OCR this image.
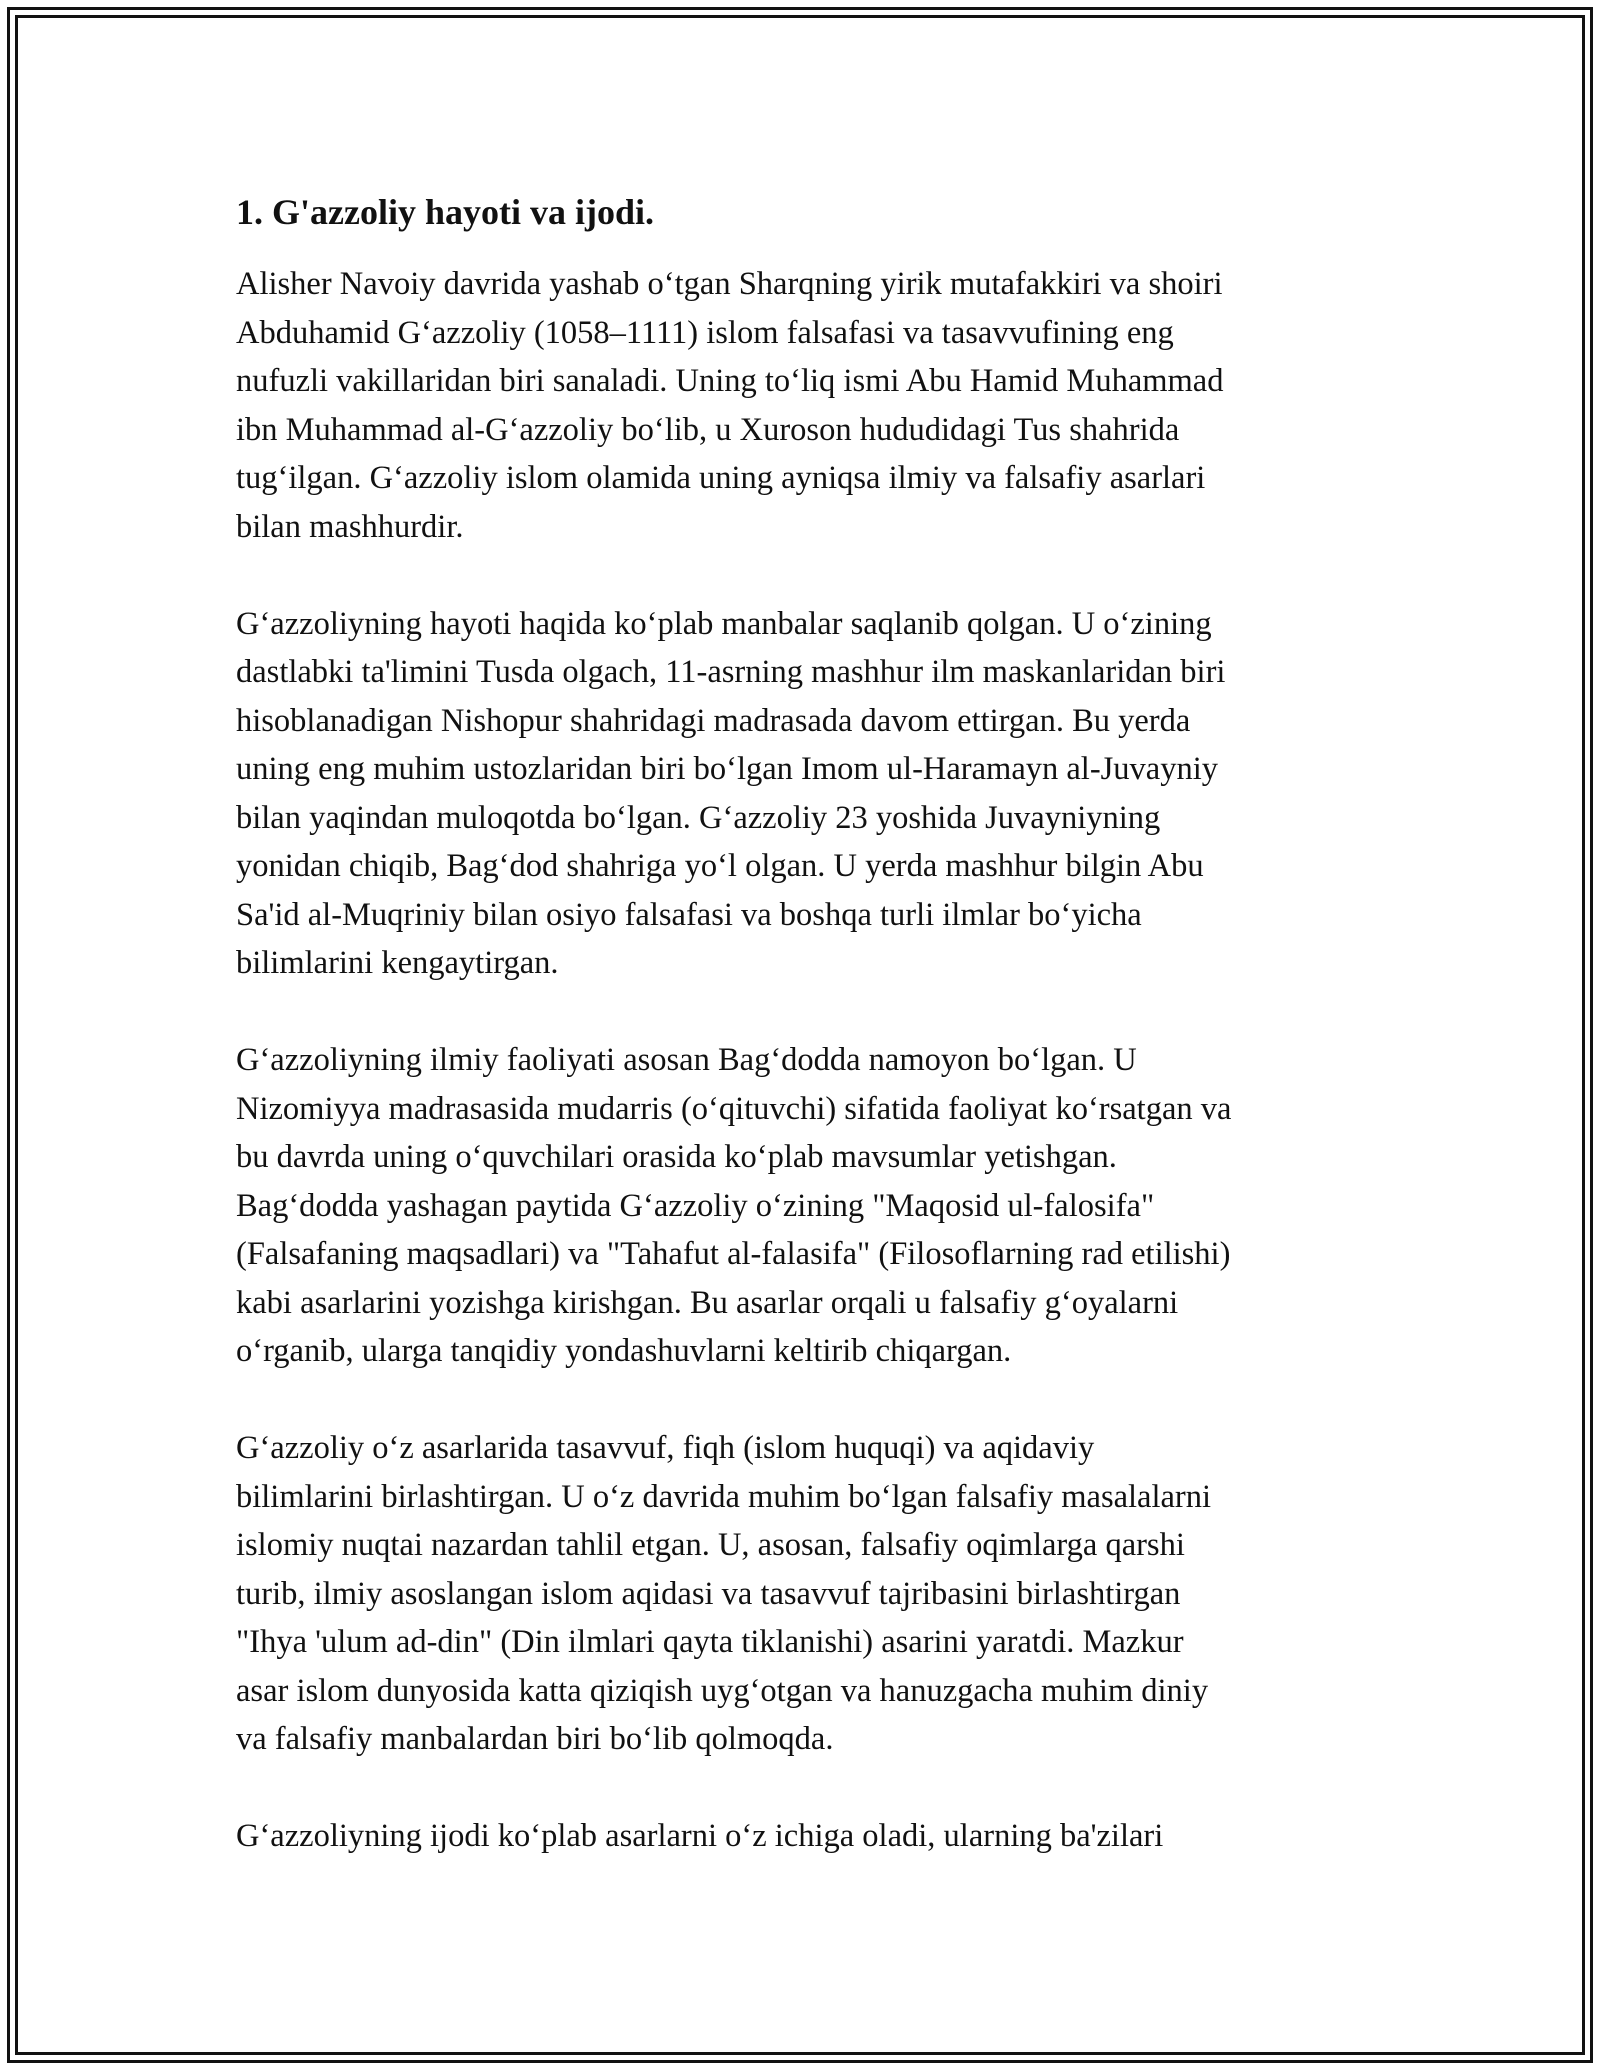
1. G'azzoliy hayoti va ijodi.

Alisher Navoiy davrida yashab o‘tgan Sharqning yirik mutafakkiri va shoiri
Abduhamid G‘azzoliy (1058–1111) islom falsafasi va tasavvufining eng
nufuzli vakillaridan biri sanaladi. Uning to‘liq ismi Abu Hamid Muhammad
ibn Muhammad al-G‘azzoliy bo‘lib, u Xuroson hududidagi Tus shahrida
tug‘ilgan. G‘azzoliy islom olamida uning ayniqsa ilmiy va falsafiy asarlari
bilan mashhurdir.

G‘azzoliyning hayoti haqida ko‘plab manbalar saqlanib qolgan. U o‘zining
dastlabki ta'limini Tusda olgach, 11-asrning mashhur ilm maskanlaridan biri
hisoblanadigan Nishopur shahridagi madrasada davom ettirgan. Bu yerda
uning eng muhim ustozlaridan biri bo‘lgan Imom ul-Haramayn al-Juvayniy
bilan yaqindan muloqotda bo‘lgan. G‘azzoliy 23 yoshida Juvayniyning
yonidan chiqib, Bag‘dod shahriga yo‘l olgan. U yerda mashhur bilgin Abu
Sa'id al-Muqriniy bilan osiyo falsafasi va boshqa turli ilmlar bo‘yicha
bilimlarini kengaytirgan.

G‘azzoliyning ilmiy faoliyati asosan Bag‘dodda namoyon bo‘lgan. U
Nizomiyya madrasasida mudarris (o‘qituvchi) sifatida faoliyat ko‘rsatgan va
bu davrda uning o‘quvchilari orasida ko‘plab mavsumlar yetishgan.
Bag‘dodda yashagan paytida G‘azzoliy o‘zining "Maqosid ul-falosifa"
(Falsafaning maqsadlari) va "Tahafut al-falasifa" (Filosoflarning rad etilishi)
kabi asarlarini yozishga kirishgan. Bu asarlar orqali u falsafiy g‘oyalarni
o‘rganib, ularga tanqidiy yondashuvlarni keltirib chiqargan.

G‘azzoliy o‘z asarlarida tasavvuf, fiqh (islom huquqi) va aqidaviy
bilimlarini birlashtirgan. U o‘z davrida muhim bo‘lgan falsafiy masalalarni
islomiy nuqtai nazardan tahlil etgan. U, asosan, falsafiy oqimlarga qarshi
turib, ilmiy asoslangan islom aqidasi va tasavvuf tajribasini birlashtirgan
"Ihya 'ulum ad-din" (Din ilmlari qayta tiklanishi) asarini yaratdi. Mazkur
asar islom dunyosida katta qiziqish uyg‘otgan va hanuzgacha muhim diniy
va falsafiy manbalardan biri bo‘lib qolmoqda.

G‘azzoliyning ijodi ko‘plab asarlarni o‘z ichiga oladi, ularning ba'zilari
